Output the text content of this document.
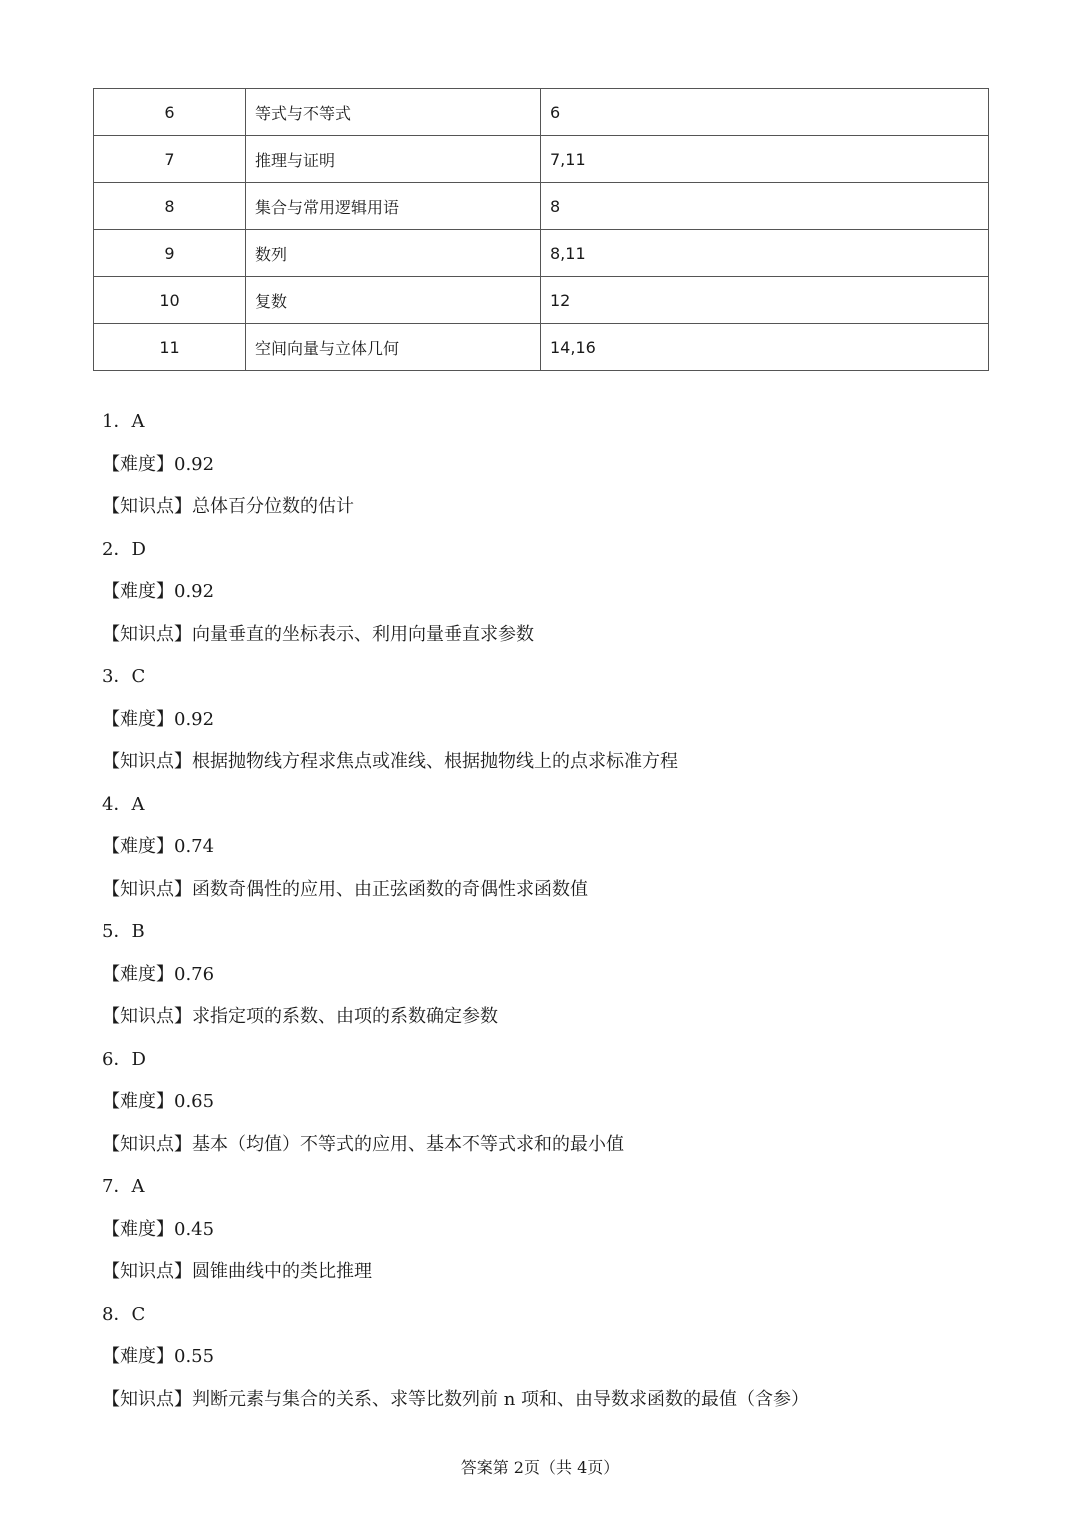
6	等式与不等式	6
7	推理与证明	7,11
8	集合与常用逻辑用语	8
9	数列	8,11
10	复数	12
11	空间向量与立体几何	14,16
1．A
【难度】0.92
【知识点】总体百分位数的估计
2．D
【难度】0.92
【知识点】向量垂直的坐标表示、利用向量垂直求参数
3．C
【难度】0.92
【知识点】根据抛物线方程求焦点或准线、根据抛物线上的点求标准方程
4．A
【难度】0.74
【知识点】函数奇偶性的应用、由正弦函数的奇偶性求函数值
5．B
【难度】0.76
【知识点】求指定项的系数、由项的系数确定参数
6．D
【难度】0.65
【知识点】基本（均值）不等式的应用、基本不等式求和的最小值
7．A
【难度】0.45
【知识点】圆锥曲线中的类比推理
8．C
【难度】0.55
【知识点】判断元素与集合的关系、求等比数列前 n 项和、由导数求函数的最值（含参）
答案第 2页（共 4页）
